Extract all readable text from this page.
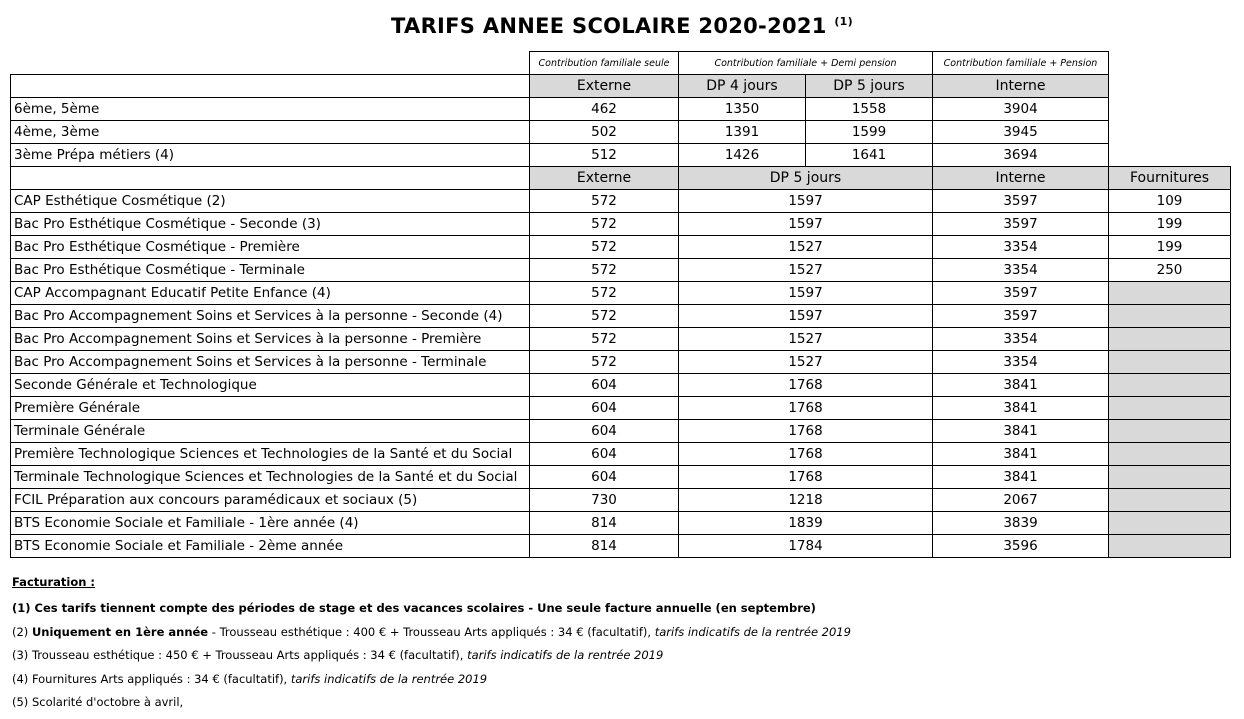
TARIFS ANNEE SCOLAIRE 2020-2021 $^{(1)}$
	Contribution familiale seule	Contribution familiale + Demi pension		Contribution familiale + Pension	
	Externe	DP 4 jours	DP 5 jours	Interne	
6ème, 5ème	462	1350	1558	3904	
4ème, 3ème	502	1391	1599	3945	
3ème Prépa métiers (4)	512	1426	1641	3694	
	Externe	DP 5 jours		Interne	Fournitures
CAP Esthétique Cosmétique (2)	572	1597		3597	109
Bac Pro Esthétique Cosmétique - Seconde (3)	572	1597		3597	199
Bac Pro Esthétique Cosmétique - Première	572	1527		3354	199
Bac Pro Esthétique Cosmétique - Terminale	572	1527		3354	250
CAP Accompagnant Educatif Petite Enfance (4)	572	1597		3597	
Bac Pro Accompagnement Soins et Services à la personne - Seconde (4)	572	1597		3597	
Bac Pro Accompagnement Soins et Services à la personne - Première	572	1527		3354	
Bac Pro Accompagnement Soins et Services à la personne - Terminale	572	1527		3354	
Seconde Générale et Technologique	604	1768		3841	
Première Générale	604	1768		3841	
Terminale Générale	604	1768		3841	
Première Technologique Sciences et Technologies de la Santé et du Social	604	1768		3841	
Terminale Technologique Sciences et Technologies de la Santé et du Social	604	1768		3841	
FCIL Préparation aux concours paramédicaux et sociaux (5)	730	1218		2067	
BTS Economie Sociale et Familiale - 1ère année (4)	814	1839		3839	
BTS Economie Sociale et Familiale - 2ème année	814	1784		3596	
Facturation :
(1) Ces tarifs tiennent compte des périodes de stage et des vacances scolaires - Une seule facture annuelle (en septembre)
(2) Uniquement en 1ère année - Trousseau esthétique : 400 € + Trousseau Arts appliqués : 34 € (facultatif), tarifs indicatifs de la rentrée 2019
(3) Trousseau esthétique : 450 € + Trousseau Arts appliqués : 34 € (facultatif), tarifs indicatifs de la rentrée 2019
(4) Fournitures Arts appliqués : 34 € (facultatif), tarifs indicatifs de la rentrée 2019
(5) Scolarité d'octobre à avril,
